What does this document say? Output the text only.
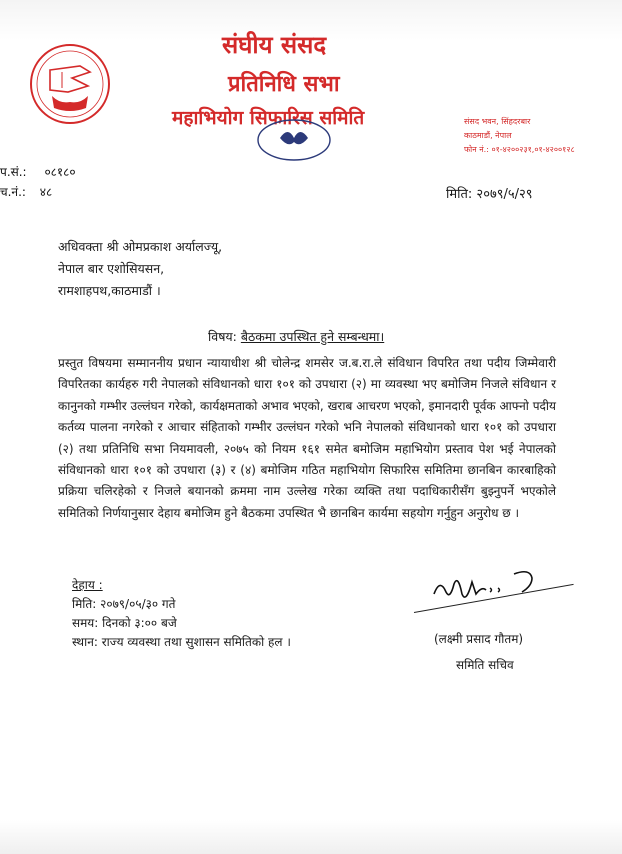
संघीय संसद
प्रतिनिधि सभा
महाभियोग सिफारिस समिति	संसद भवन, सिंहदरबार
काठमाडौं, नेपाल
फोन नं.: ०१-४२००२३१,०१-४२००१२८
प.सं.: ०८१८०
च.नं.: ४८	मिति: २०७९/५/२९
अधिवक्ता श्री ओमप्रकाश अर्यालज्यू,
नेपाल बार एशोसियसन,
रामशाहपथ,काठमाडौं ।
विषय: बैठकमा उपस्थित हुने सम्बन्धमा।
प्रस्तुत विषयमा सम्माननीय प्रधान न्यायाधीश श्री चोलेन्द्र शमसेर ज.ब.रा.ले संविधान विपरित तथा पदीय जिम्मेवारी विपरितका कार्यहरु गरी नेपालको संविधानको धारा १०१ को उपधारा (२) मा व्यवस्था भए बमोजिम निजले संविधान र कानुनको गम्भीर उल्लंघन गरेको, कार्यक्षमताको अभाव भएको, खराब आचरण भएको, इमानदारी पूर्वक आफ्नो पदीय कर्तव्य पालना नगरेको र आचार संहिताको गम्भीर उल्लंघन गरेको भनि नेपालको संविधानको धारा १०१ को उपधारा (२) तथा प्रतिनिधि सभा नियमावली, २०७५ को नियम १६१ समेत बमोजिम महाभियोग प्रस्ताव पेश भई नेपालको संविधानको धारा १०१ को उपधारा (३) र (४) बमोजिम गठित महाभियोग सिफारिस समितिमा छानबिन कारबाहिको प्रक्रिया चलिरहेको र निजले बयानको क्रममा नाम उल्लेख गरेका व्यक्ति तथा पदाधिकारीसँग बुझ्नुपर्ने भएकोले समितिको निर्णयानुसार देहाय बमोजिम हुने बैठकमा उपस्थित भै छानबिन कार्यमा सहयोग गर्नुहुन अनुरोध छ ।
देहाय :
मिति: २०७९/०५/३० गते
समय: दिनको ३:०० बजे
स्थान: राज्य व्यवस्था तथा सुशासन समितिको हल ।	(लक्ष्मी प्रसाद गौतम)
समिति सचिव
